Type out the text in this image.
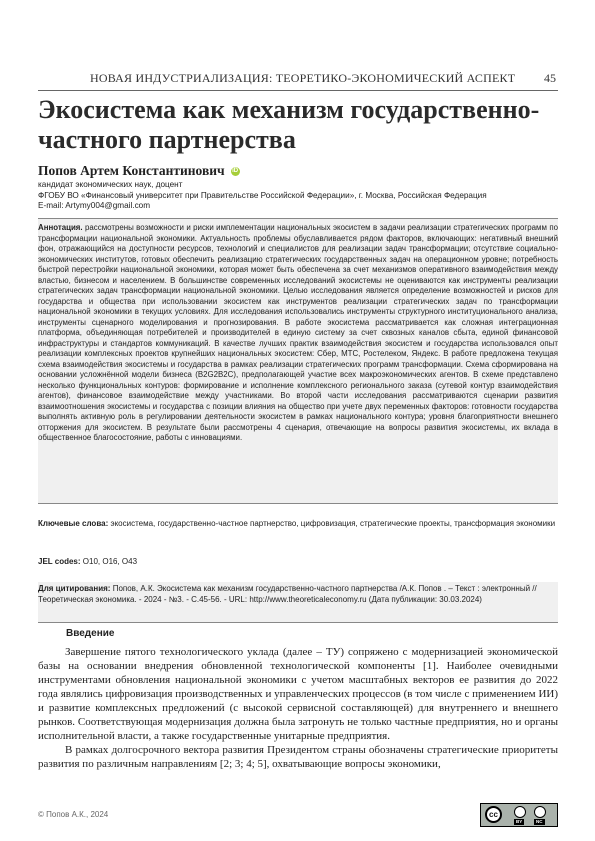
НОВАЯ ИНДУСТРИАЛИЗАЦИЯ: ТЕОРЕТИКО-ЭКОНОМИЧЕСКИЙ АСПЕКТ 45
Экосистема как механизм государственно-частного партнерства
Попов Артем Константинович iD
кандидат экономических наук, доцент
ФГОБУ ВО «Финансовый университет при Правительстве Российской Федерации», г. Москва, Российская Федерация
E-mail: Artymy004@gmail.com

Аннотация. рассмотрены возможности и риски имплементации национальных экосистем в задачи реализации стратегических программ по трансформации национальной экономики. Актуальность проблемы обуславливается рядом факторов, включающих: негативный внешний фон, отражающийся на доступности ресурсов, технологий и специалистов для реализации задач трансформации; отсутствие социально-экономических институтов, готовых обеспечить реализацию стратегических государственных задач на операционном уровне; потребность быстрой перестройки национальной экономики, которая может быть обеспечена за счет механизмов оперативного взаимодействия между властью, бизнесом и населением. В большинстве современных исследований экосистемы не оцениваются как инструменты реализации стратегических задач трансформации национальной экономики. Целью исследования является определение возможностей и рисков для государства и общества при использовании экосистем как инструментов реализации стратегических задач по трансформации национальной экономики в текущих условиях. Для исследования использовались инструменты структурного институционального анализа, инструменты сценарного моделирования и прогнозирования. В работе экосистема рассматривается как сложная интеграционная платформа, объединяющая потребителей и производителей в единую систему за счет сквозных каналов сбыта, единой финансовой инфраструктуры и стандартов коммуникаций. В качестве лучших практик взаимодействия экосистем и государства использовался опыт реализации комплексных проектов крупнейших национальных экосистем: Сбер, МТС, Ростелеком, Яндекс. В работе предложена текущая схема взаимодействия экосистемы и государства в рамках реализации стратегических программ трансформации. Схема сформирована на основании усложнённой модели бизнеса (B2G2B2C), предполагающей участие всех макроэкономических агентов. В схеме представлено несколько функциональных контуров: формирование и исполнение комплексного регионального заказа (сутевой контур взаимодействия агентов), финансовое взаимодействие между участниками. Во второй части исследования рассматриваются сценарии развития взаимоотношения экосистемы и государства с позиции влияния на общество при учете двух переменных факторов: готовности государства выполнять активную роль в регулировании деятельности экосистем в рамках национального контура; уровня благоприятности внешнего отторжения для экосистем. В результате были рассмотрены 4 сценария, отвечающие на вопросы развития экосистемы, их вклада в общественное благосостояние, работы с инновациями.

Ключевые слова: экосистема, государственно-частное партнерство, цифровизация, стратегические проекты, трансформация экономики

JEL codes: O10, O16, O43

Для цитирования: Попов, А.К. Экосистема как механизм государственно-частного партнерства /А.К. Попов . – Текст : электронный // Теоретическая экономика. - 2024 - №3. - С.45-56. - URL: http://www.theoreticaleconomy.ru (Дата публикации: 30.03.2024)

Введение

Завершение пятого технологического уклада (далее – ТУ) сопряжено с модернизацией экономической базы на основании внедрения обновленной технологической компоненты [1]. Наиболее очевидными инструментами обновления национальной экономики с учетом масштабных векторов ее развития до 2022 года являлись цифровизация производственных и управленческих процессов (в том числе с применением ИИ) и развитие комплексных предложений (с высокой сервисной составляющей) для внутреннего и внешнего рынков. Соответствующая модернизация должна была затронуть не только частные предприятия, но и органы исполнительной власти, а также государственные унитарные предприятия.

В рамках долгосрочного вектора развития Президентом страны обозначены стратегические приоритеты развития по различным направлениям [2; 3; 4; 5], охватывающие вопросы экономики,

© Попов А.К., 2024	cc
BY	NC
